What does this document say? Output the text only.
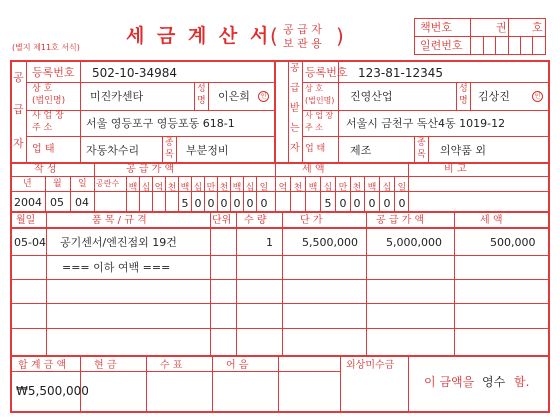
(별지 제11호 서식)
세 금 계 산 서
( 공 급 자
보 관 용 )	책번호	권 호
일련번호
공
급
자
등록번호 502-10-34984
상 호
(법인명) 미진카센타
성
명 이은희	인
사 업 장
주 소	서울 영등포구 영등포동 618-1
업 태	자동차수리
종
목 부분정비
공
급
받
는
자
등록번호 123-81-12345
상 호
(법인명) 진영산업
성
명 김상진	인
사 업 장
주 소 서울시 금천구 독산4동 1019-12
업 태 제조
종
목 의약품 외
작 성	공 급 가 액	세 액	비 고
년 월 일 공란수 백 십 억 천 백 십 만 천 백 십 일 억 천 백 십 만 천 백 십 일
2004 05 04	5 0 0 0 0 0 0	5 0 0 0 0 0
월일	품 목 / 규 격	단위 수 량	단 가	공 급 가 액	세 액
05-04 공기센서/엔진점외 19건	1	5,500,000	5,000,000	500,000
=== 이하 여백 ===
합 계 금 액	현 금	수 표	어 음	외상미수금
₩5,500,000
이 금액을 영수 함.
